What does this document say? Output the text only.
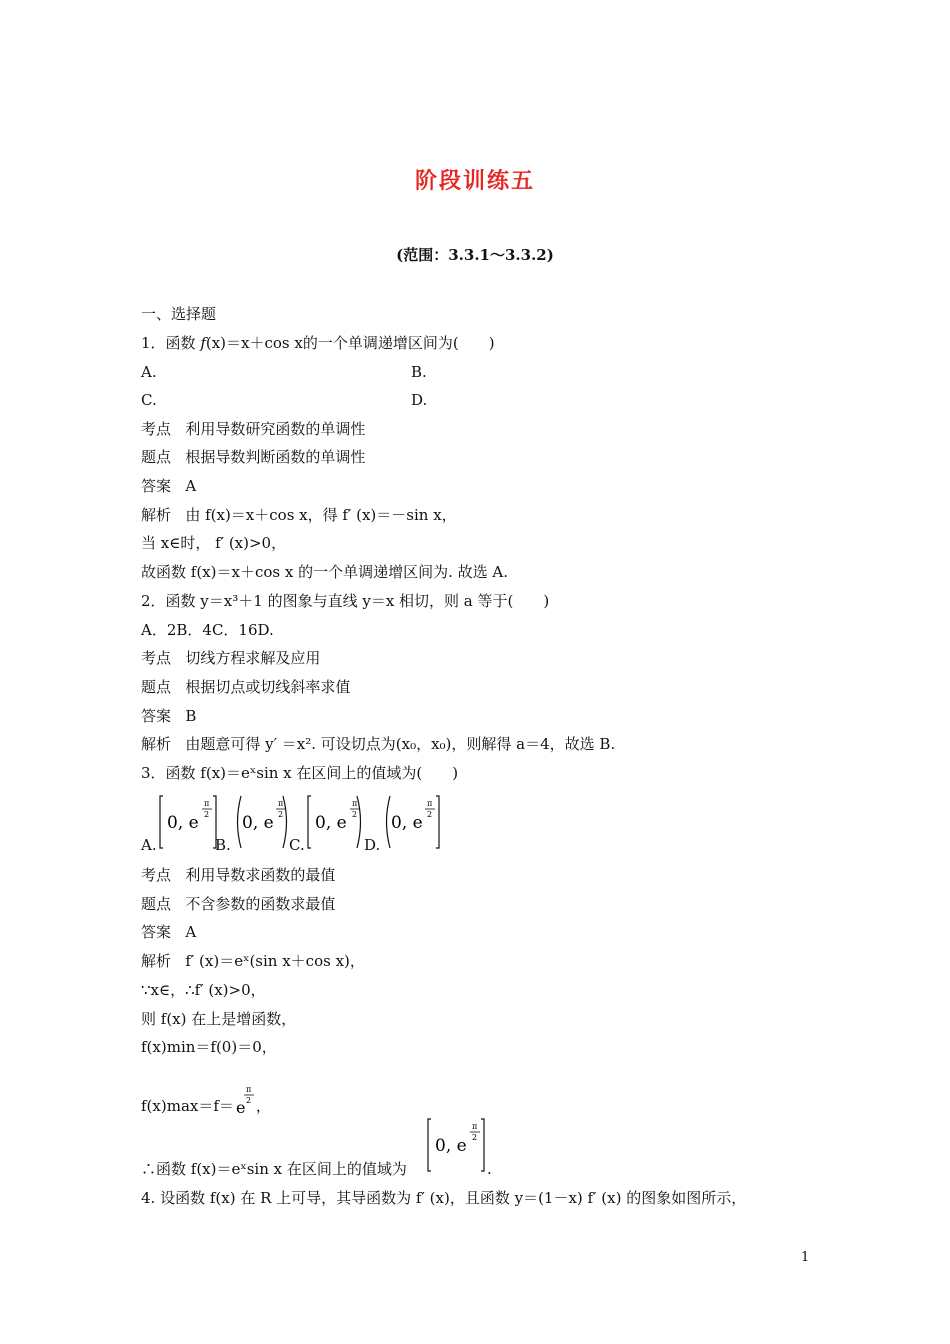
阶段训练五
(范围：3.3.1～3.3.2)
一、选择题
1．函数 f(x)＝x＋cos x的一个单调递增区间为(　　)
A.	B.
C.	D.
考点 利用导数研究函数的单调性
题点 根据导数判断函数的单调性
答案 A
解析 由 f(x)＝x＋cos x，得 f′ (x)＝－sin x，
当 x∈时， f′ (x)>0，
故函数 f(x)＝x＋cos x 的一个单调递增区间为. 故选 A.
2．函数 y＝x³＋1 的图象与直线 y＝x 相切，则 a 等于(　　)
A．2B．4C．16D.
考点 切线方程求解及应用
题点 根据切点或切线斜率求值
答案 B
解析 由题意可得 y′ ＝x². 可设切点为(x₀，x₀)，则解得 a＝4，故选 B.
3．函数 f(x)＝eˣsin x 在区间上的值域为(　　)
A.
0, e
π
2
B.
0, e
π
2
C.
0, e
π
2
D.
0, e
π
2
考点 利用导数求函数的最值
题点 不含参数的函数求最值
答案 A
解析 f′ (x)＝eˣ(sin x＋cos x)，
∵x∈，∴f′ (x)>0，
则 f(x) 在上是增函数，
f(x)min＝f(0)＝0，
f(x)max＝f＝ e
π
2 ，
0, e
π
2
∴函数 f(x)＝eˣsin x 在区间上的值域为	.
4. 设函数 f(x) 在 R 上可导，其导函数为 f′ (x)，且函数 y＝(1－x) f′ (x) 的图象如图所示，
1
